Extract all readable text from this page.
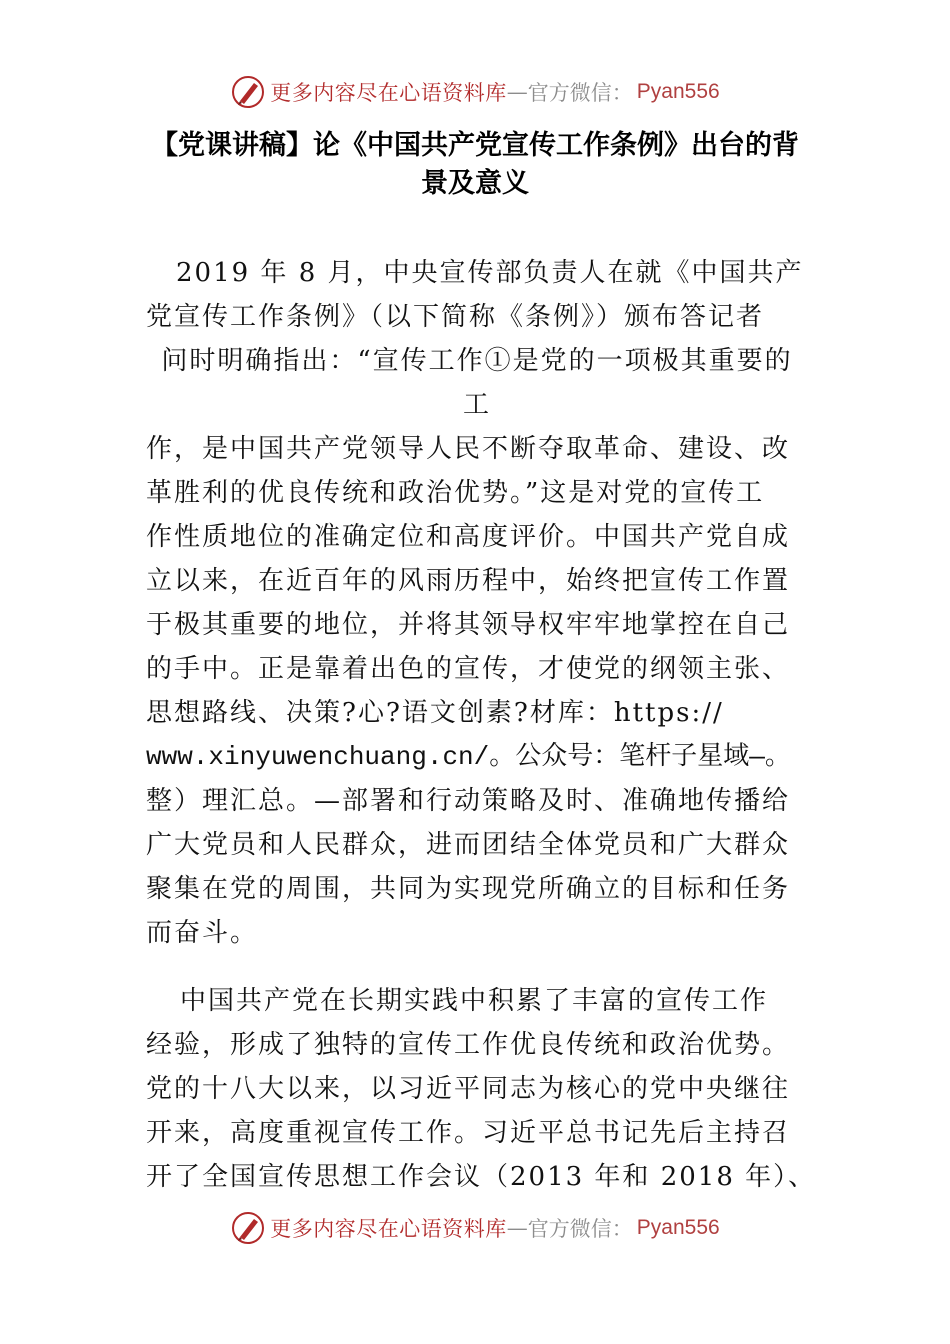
更多内容尽在心语资料库 — 官方微信： Pyan556
【党课讲稿】论《中国共产党宣传工作条例》出台的背
景及意义
2019 年 8 月，中央宣传部负责人在就《中国共产
党宣传工作条例》（以下简称《条例》）颁布答记者
问时明确指出：“宣传工作①是党的一项极其重要的
工
作，是中国共产党领导人民不断夺取革命、建设、改
革胜利的优良传统和政治优势。”这是对党的宣传工
作性质地位的准确定位和高度评价。中国共产党自成
立以来，在近百年的风雨历程中，始终把宣传工作置
于极其重要的地位，并将其领导权牢牢地掌控在自己
的手中。正是靠着出色的宣传，才使党的纲领主张、
思想路线、决策?心?语文创素?材库：https://
www.xinyuwenchuang.cn/。公众号：笔杆子星域—。
整）理汇总。—部署和行动策略及时、准确地传播给
广大党员和人民群众，进而团结全体党员和广大群众
聚集在党的周围，共同为实现党所确立的目标和任务
而奋斗。
中国共产党在长期实践中积累了丰富的宣传工作
经验，形成了独特的宣传工作优良传统和政治优势。
党的十八大以来，以习近平同志为核心的党中央继往
开来，高度重视宣传工作。习近平总书记先后主持召
开了全国宣传思想工作会议（2013 年和 2018 年）、
更多内容尽在心语资料库 — 官方微信： Pyan556
